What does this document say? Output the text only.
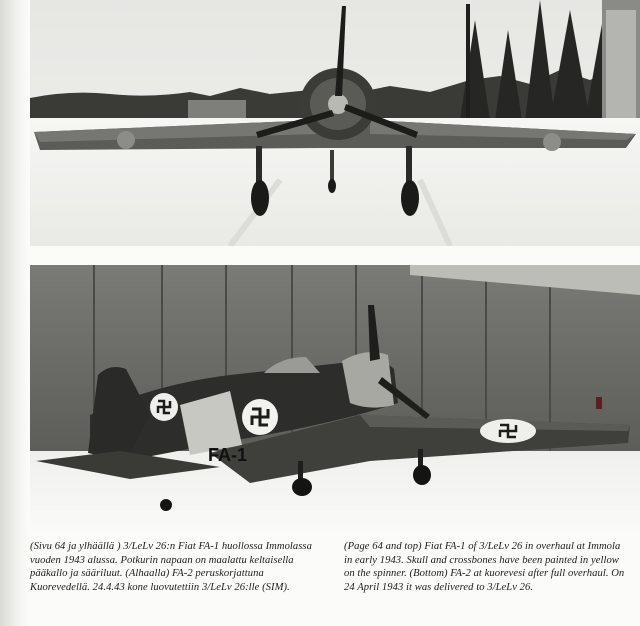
FA-1

(Sivu 64 ja ylhäällä ) 3/LeLv 26:n Fiat FA-1 huollossa Immolassa vuoden 1943 alussa. Potkurin napaan on maalattu keltaisella pääkallo ja sääriluut. (Alhaalla) FA-2 peruskorjattuna Kuorevedellä. 24.4.43 kone luovutettiin 3/LeLv 26:lle (SIM).

(Page 64 and top) Fiat FA-1 of 3/LeLv 26 in overhaul at Immola in early 1943. Skull and crossbones have been painted in yellow on the spinner. (Bottom) FA-2 at kuorevesi after full overhaul. On 24 April 1943 it was delivered to 3/LeLv 26.
